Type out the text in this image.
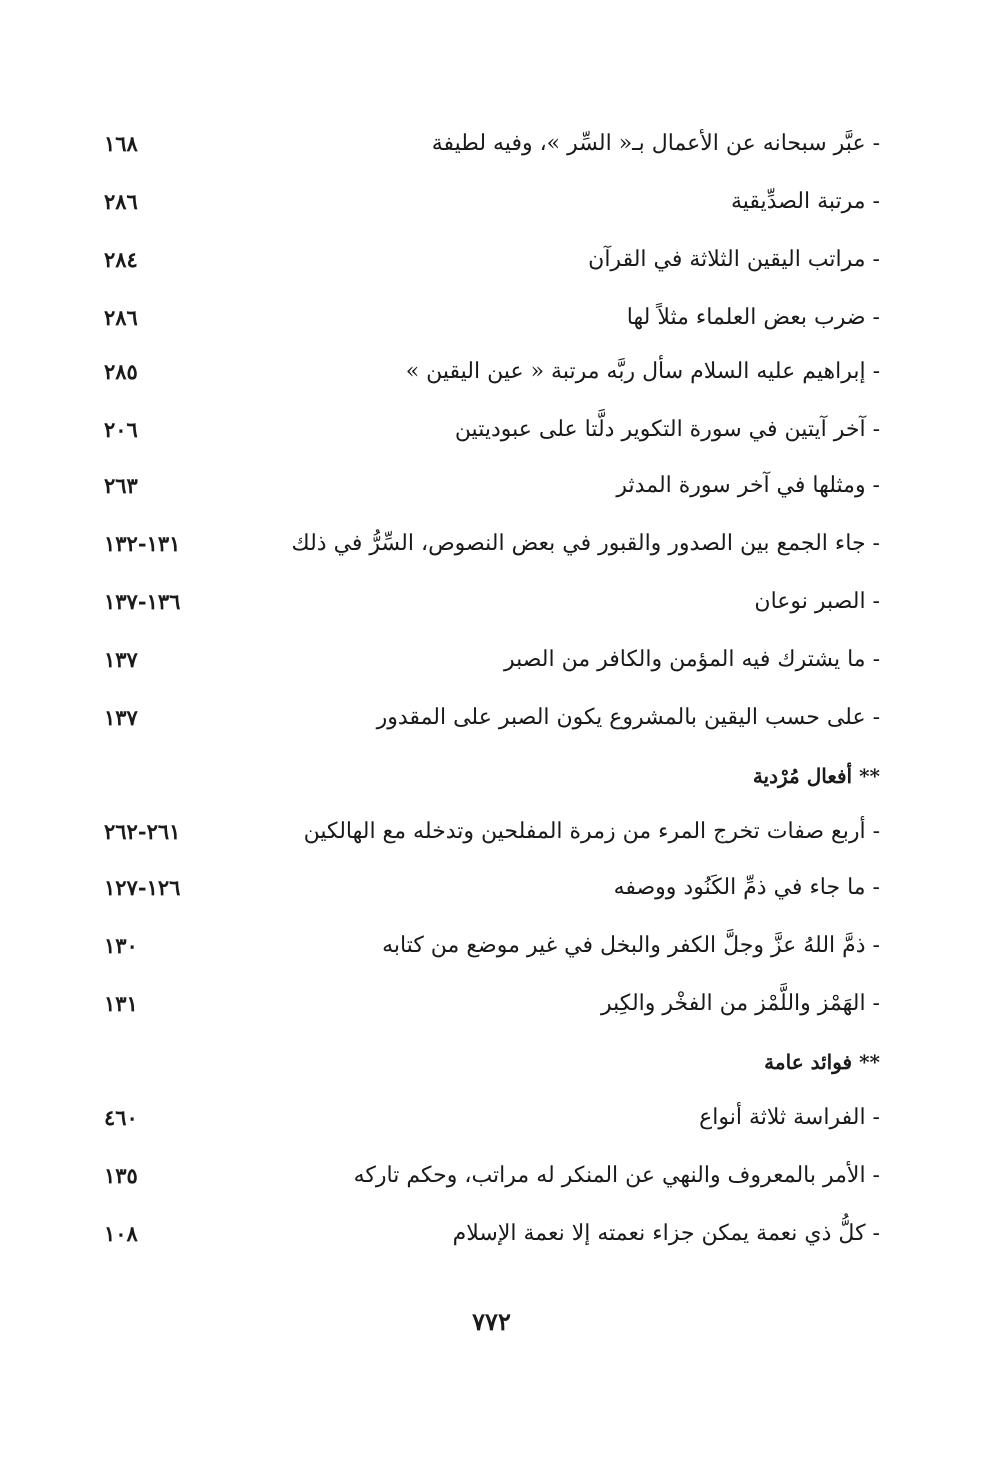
- عبَّر سبحانه عن الأعمال بـ« السِّر »، وفيه لطيفة
١٦٨
- مرتبة الصدِّيقية
٢٨٦
- مراتب اليقين الثلاثة في القرآن
٢٨٤
- ضرب بعض العلماء مثلاً لها
٢٨٦
- إبراهيم عليه السلام سأل ربَّه مرتبة « عين اليقين »
٢٨٥
- آخر آيتين في سورة التكوير دلَّتا على عبوديتين
٢٠٦
- ومثلها في آخر سورة المدثر
٢٦٣
- جاء الجمع بين الصدور والقبور في بعض النصوص، السِّرُّ في ذلك
١٣١-١٣٢
- الصبر نوعان
١٣٦-١٣٧
- ما يشترك فيه المؤمن والكافر من الصبر
١٣٧
- على حسب اليقين بالمشروع يكون الصبر على المقدور
١٣٧
** أفعال مُرْدية
- أربع صفات تخرج المرء من زمرة المفلحين وتدخله مع الهالكين
٢٦١-٢٦٢
- ما جاء في ذمِّ الكَنُود ووصفه
١٢٦-١٢٧
- ذمَّ اللهُ عزَّ وجلَّ الكفر والبخل في غير موضع من كتابه
١٣٠
- الهَمْز واللَّمْز من الفخْر والكِبر
١٣١
** فوائد عامة
- الفراسة ثلاثة أنواع
٤٦٠
- الأمر بالمعروف والنهي عن المنكر له مراتب، وحكم تاركه
١٣٥
- كلُّ ذي نعمة يمكن جزاء نعمته إلا نعمة الإسلام
١٠٨
٧٧٢
